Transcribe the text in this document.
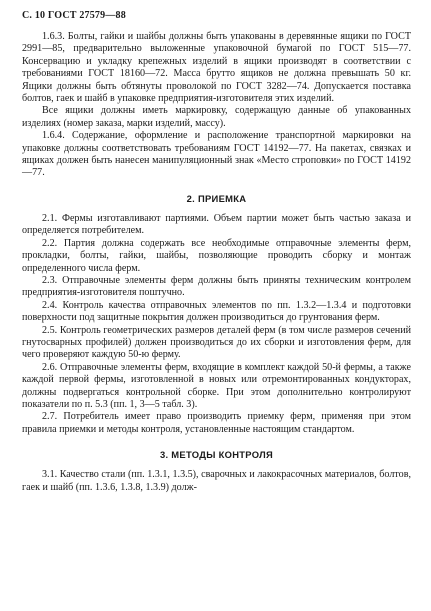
С. 10 ГОСТ 27579—88

1.6.3. Болты, гайки и шайбы должны быть упакованы в деревянные ящики по ГОСТ 2991—85, предварительно выложенные упаковочной бумагой по ГОСТ 515—77. Консервацию и укладку крепежных изделий в ящики производят в соответствии с требованиями ГОСТ 18160—72. Масса брутто ящиков не должна превышать 50 кг. Ящики должны быть обтянуты проволокой по ГОСТ 3282—74. Допускается поставка болтов, гаек и шайб в упаковке предприятия-изготовителя этих изделий.

Все ящики должны иметь маркировку, содержащую данные об упакованных изделиях (номер заказа, марки изделий, массу).

1.6.4. Содержание, оформление и расположение транспортной маркировки на упаковке должны соответствовать требованиям ГОСТ 14192—77. На пакетах, связках и ящиках должен быть нанесен манипуляционный знак «Место строповки» по ГОСТ 14192—77.

2. ПРИЕМКА

2.1. Фермы изготавливают партиями. Объем партии может быть частью заказа и определяется потребителем.

2.2. Партия должна содержать все необходимые отправочные элементы ферм, прокладки, болты, гайки, шайбы, позволяющие проводить сборку и монтаж определенного числа ферм.

2.3. Отправочные элементы ферм должны быть приняты техническим контролем предприятия-изготовителя поштучно.

2.4. Контроль качества отправочных элементов по пп. 1.3.2—1.3.4 и подготовки поверхности под защитные покрытия должен производиться до грунтования ферм.

2.5. Контроль геометрических размеров деталей ферм (в том числе размеров сечений гнутосварных профилей) должен производиться до их сборки и изготовления ферм, для чего проверяют каждую 50-ю ферму.

2.6. Отправочные элементы ферм, входящие в комплект каждой 50-й фермы, а также каждой первой фермы, изготовленной в новых или отремонтированных кондукторах, должны подвергаться контрольной сборке. При этом дополнительно контролируют показатели по п. 5.3 (пп. 1, 3—5 табл. 3).

2.7. Потребитель имеет право производить приемку ферм, применяя при этом правила приемки и методы контроля, установленные настоящим стандартом.

3. МЕТОДЫ КОНТРОЛЯ

3.1. Качество стали (пп. 1.3.1, 1.3.5), сварочных и лакокрасочных материалов, болтов, гаек и шайб (пп. 1.3.6, 1.3.8, 1.3.9) долж-
